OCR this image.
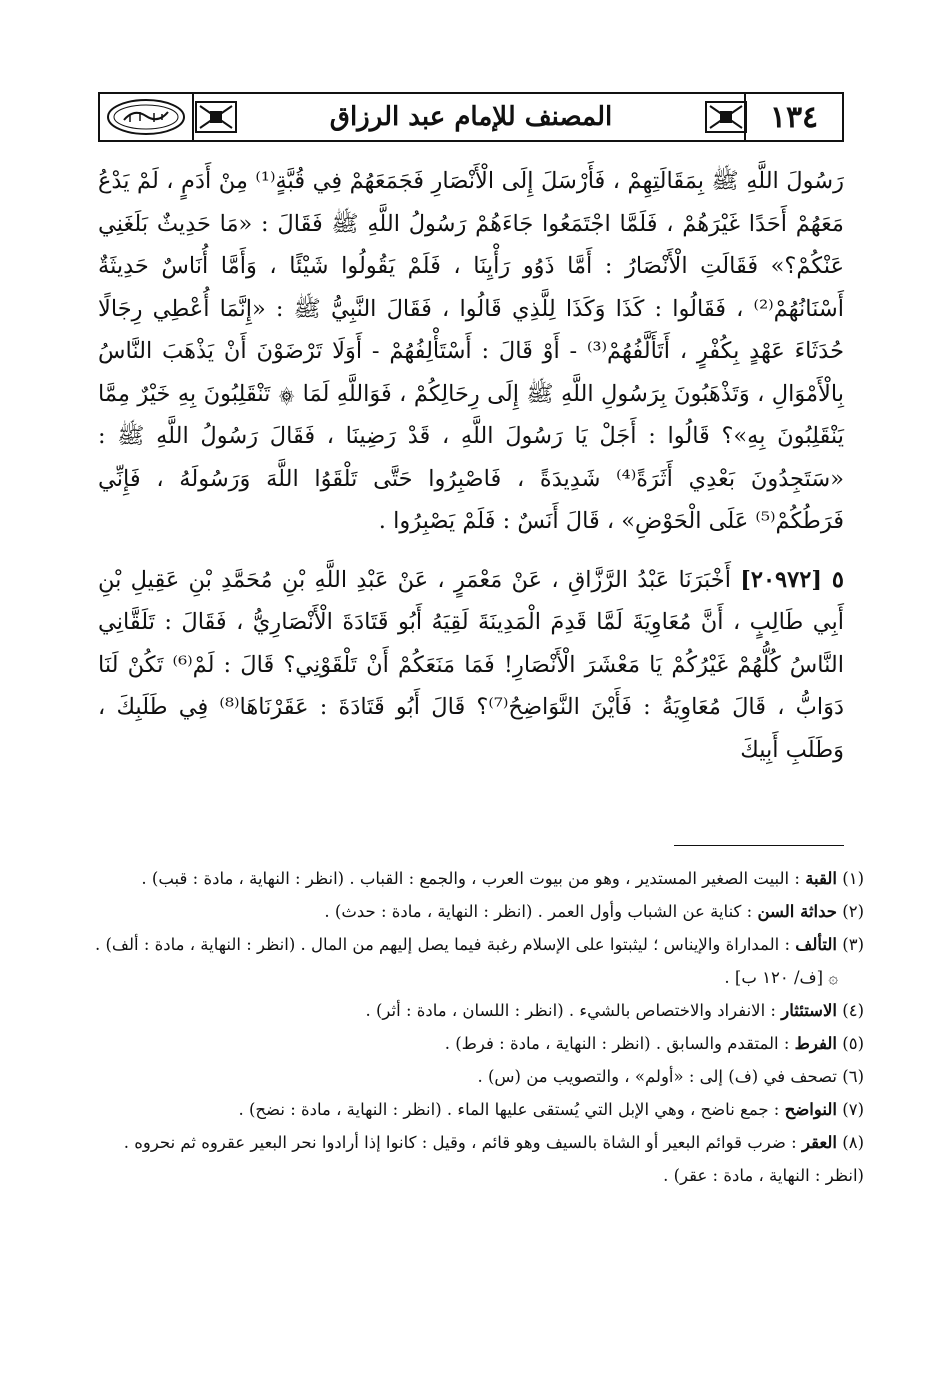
١٣٤
المصنف للإمام عبد الرزاق

رَسُولَ اللَّهِ ﷺ بِمَقَالَتِهِمْ ، فَأَرْسَلَ إِلَى الْأَنْصَارِ فَجَمَعَهُمْ فِي قُبَّةٍ⁽¹⁾ مِنْ أَدَمٍ ، لَمْ يَدْعُ مَعَهُمْ أَحَدًا غَيْرَهُمْ ، فَلَمَّا اجْتَمَعُوا جَاءَهُمْ رَسُولُ اللَّهِ ﷺ فَقَالَ : «مَا حَدِيثٌ بَلَغَنِي عَنْكُمْ؟» فَقَالَتِ الْأَنْصَارُ : أَمَّا ذَوُو رَأْيِنَا ، فَلَمْ يَقُولُوا شَيْئًا ، وَأَمَّا أُنَاسٌ حَدِيثَةٌ أَسْنَانُهُمْ⁽²⁾ ، فَقَالُوا : كَذَا وَكَذَا لِلَّذِي قَالُوا ، فَقَالَ النَّبِيُّ ﷺ : «إِنَّمَا أُعْطِي رِجَالًا حُدَثَاءَ عَهْدٍ بِكُفْرٍ ، أَتَأَلَّفُهُمْ⁽³⁾ - أَوْ قَالَ : أَسْتَأْلِفُهُمْ - أَوَلَا تَرْضَوْنَ أَنْ يَذْهَبَ النَّاسُ بِالْأَمْوَالِ ، وَتَذْهَبُونَ بِرَسُولِ اللَّهِ ﷺ إِلَى رِحَالِكُمْ ، فَوَاللَّهِ لَمَا ۞ تَنْقَلِبُونَ بِهِ خَيْرٌ مِمَّا يَنْقَلِبُونَ بِهِ»؟ قَالُوا : أَجَلْ يَا رَسُولَ اللَّهِ ، قَدْ رَضِينَا ، فَقَالَ رَسُولُ اللَّهِ ﷺ : «سَتَجِدُونَ بَعْدِي أَثَرَةً⁽⁴⁾ شَدِيدَةً ، فَاصْبِرُوا حَتَّى تَلْقَوُا اللَّهَ وَرَسُولَهُ ، فَإِنِّي فَرَطُكُمْ⁽⁵⁾ عَلَى الْحَوْضِ» ، قَالَ أَنَسٌ : فَلَمْ يَصْبِرُوا .

٥ [٢٠٩٧٢] أَخْبَرَنَا عَبْدُ الرَّزَّاقِ ، عَنْ مَعْمَرٍ ، عَنْ عَبْدِ اللَّهِ بْنِ مُحَمَّدِ بْنِ عَقِيلِ بْنِ أَبِي طَالِبٍ ، أَنَّ مُعَاوِيَةَ لَمَّا قَدِمَ الْمَدِينَةَ لَقِيَهُ أَبُو قَتَادَةَ الْأَنْصَارِيُّ ، فَقَالَ : تَلَقَّانِي النَّاسُ كُلُّهُمْ غَيْرُكُمْ يَا مَعْشَرَ الْأَنْصَارِ! فَمَا مَنَعَكُمْ أَنْ تَلْقَوْنِي؟ قَالَ : لَمْ⁽⁶⁾ تَكُنْ لَنَا دَوَابُّ ، قَالَ مُعَاوِيَةُ : فَأَيْنَ النَّوَاضِحُ⁽⁷⁾؟ قَالَ أَبُو قَتَادَةَ : عَقَرْنَاهَا⁽⁸⁾ فِي طَلَبِكَ ، وَطَلَبِ أَبِيكَ

(١) القبة : البيت الصغير المستدير ، وهو من بيوت العرب ، والجمع : القباب . (انظر : النهاية ، مادة : قبب) .

(٢) حداثة السن : كناية عن الشباب وأول العمر . (انظر : النهاية ، مادة : حدث) .

(٣) التألف : المداراة والإيناس ؛ ليثبتوا على الإسلام رغبة فيما يصل إليهم من المال . (انظر : النهاية ، مادة : ألف) .

۞ [ف/ ١٢٠ ب] .

(٤) الاستئثار : الانفراد والاختصاص بالشيء . (انظر : اللسان ، مادة : أثر) .

(٥) الفرط : المتقدم والسابق . (انظر : النهاية ، مادة : فرط) .

(٦) تصحف في (ف) إلى : «أولم» ، والتصويب من (س) .

(٧) النواضح : جمع ناضح ، وهي الإبل التي يُستقى عليها الماء . (انظر : النهاية ، مادة : نضح) .

(٨) العقر : ضرب قوائم البعير أو الشاة بالسيف وهو قائم ، وقيل : كانوا إذا أرادوا نحر البعير عقروه ثم نحروه . (انظر : النهاية ، مادة : عقر) .
